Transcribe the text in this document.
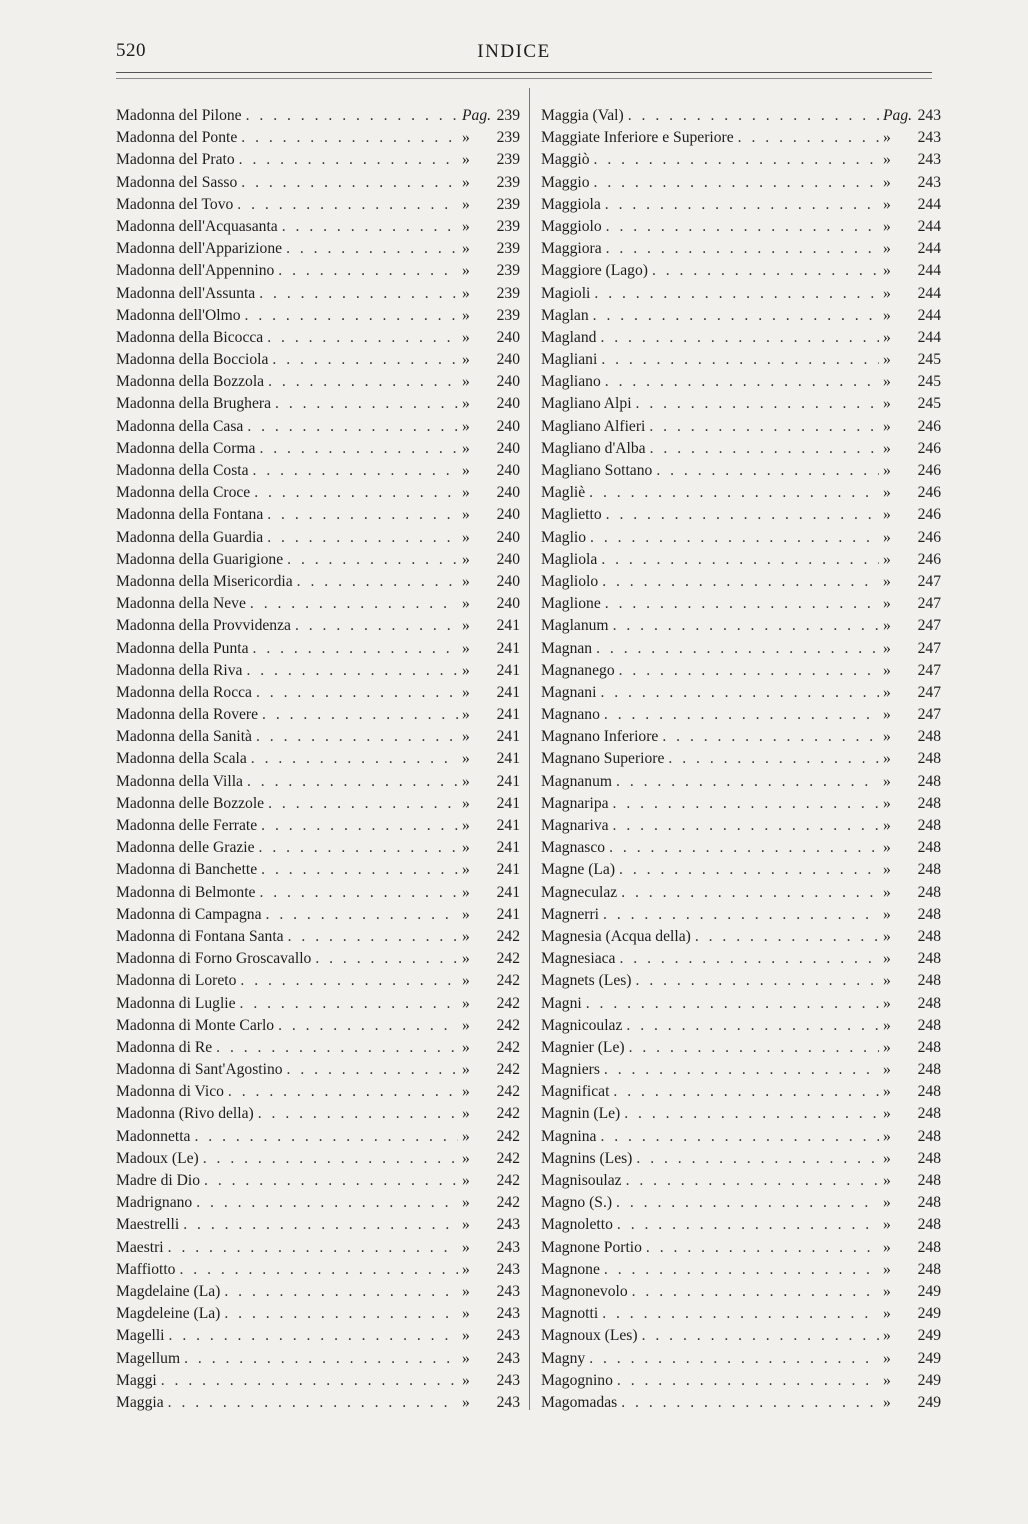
520	INDICE
Madonna del Pilone . . .	Pag. 239
Madonna del Ponte . . .	»	239
Madonna del Prato . . .	»	239
Madonna del Sasso . . .	»	239
Madonna del Tovo . . .	»	239
Madonna dell'Acquasanta . . .	»	239
Madonna dell'Apparizione . . .	»	239
Madonna dell'Appennino . . .	»	239
Madonna dell'Assunta . . .	»	239
Madonna dell'Olmo . . .	»	239
Madonna della Bicocca . . .	»	240
Madonna della Bocciola . . .	»	240
Madonna della Bozzola . . .	»	240
Madonna della Brughera . . .	»	240
Madonna della Casa . . .	»	240
Madonna della Corma . . .	»	240
Madonna della Costa . . .	»	240
Madonna della Croce . . .	»	240
Madonna della Fontana . . .	»	240
Madonna della Guardia . . .	»	240
Madonna della Guarigione . . .	»	240
Madonna della Misericordia . . .	»	240
Madonna della Neve . . .	»	240
Madonna della Provvidenza . . .	»	241
Madonna della Punta . . .	»	241
Madonna della Riva . . .	»	241
Madonna della Rocca . . .	»	241
Madonna della Rovere . . .	»	241
Madonna della Sanità . . .	»	241
Madonna della Scala . . .	»	241
Madonna della Villa . . .	»	241
Madonna delle Bozzole . . .	»	241
Madonna delle Ferrate . . .	»	241
Madonna delle Grazie . . .	»	241
Madonna di Banchette . . .	»	241
Madonna di Belmonte . . .	»	241
Madonna di Campagna . . .	»	241
Madonna di Fontana Santa . . .	»	242
Madonna di Forno Groscavallo . . .	»	242
Madonna di Loreto . . .	»	242
Madonna di Luglie . . .	»	242
Madonna di Monte Carlo . . .	»	242
Madonna di Re . . .	»	242
Madonna di Sant'Agostino . . .	»	242
Madonna di Vico . . .	»	242
Madonna (Rivo della) . . .	»	242
Madonnetta . . .	»	242
Madoux (Le) . . .	»	242
Madre di Dio . . .	»	242
Madrignano . . .	»	242
Maestrelli . . .	»	243
Maestri . . .	»	243
Maffiotto . . .	»	243
Magdelaine (La) . . .	»	243
Magdeleine (La) . . .	»	243
Magelli . . .	»	243
Magellum . . .	»	243
Maggi . . .	»	243
Maggia . . .	»	243
Maggia (Val) . . .	Pag. 243
Maggiate Inferiore e Superiore . . .	»	243
Maggiò . . .	»	243
Maggio . . .	»	243
Maggiola . . .	»	244
Maggiolo . . .	»	244
Maggiora . . .	»	244
Maggiore (Lago) . . .	»	244
Magioli . . .	»	244
Maglan . . .	»	244
Magland . . .	»	244
Magliani . . .	»	245
Magliano . . .	»	245
Magliano Alpi . . .	»	245
Magliano Alfieri . . .	»	246
Magliano d'Alba . . .	»	246
Magliano Sottano . . .	»	246
Magliè . . .	»	246
Maglietto . . .	»	246
Maglio . . .	»	246
Magliola . . .	»	246
Magliolo . . .	»	247
Maglione . . .	»	247
Maglanum . . .	»	247
Magnan . . .	»	247
Magnanego . . .	»	247
Magnani . . .	»	247
Magnano . . .	»	247
Magnano Inferiore . . .	»	248
Magnano Superiore . . .	»	248
Magnanum . . .	»	248
Magnaripa . . .	»	248
Magnariva . . .	»	248
Magnasco . . .	»	248
Magne (La) . . .	»	248
Magneculaz . . .	»	248
Magnerri . . .	»	248
Magnesia (Acqua della) . . .	»	248
Magnesiaca . . .	»	248
Magnets (Les) . . .	»	248
Magni . . .	»	248
Magnicoulaz . . .	»	248
Magnier (Le) . . .	»	248
Magniers . . .	»	248
Magnificat . . .	»	248
Magnin (Le) . . .	»	248
Magnina . . .	»	248
Magnins (Les) . . .	»	248
Magnisoulaz . . .	»	248
Magno (S.) . . .	»	248
Magnoletto . . .	»	248
Magnone Portio . . .	»	248
Magnone . . .	»	248
Magnonevolo . . .	»	249
Magnotti . . .	»	249
Magnoux (Les) . . .	»	249
Magny . . .	»	249
Magognino . . .	»	249
Magomadas . . .	»	249
